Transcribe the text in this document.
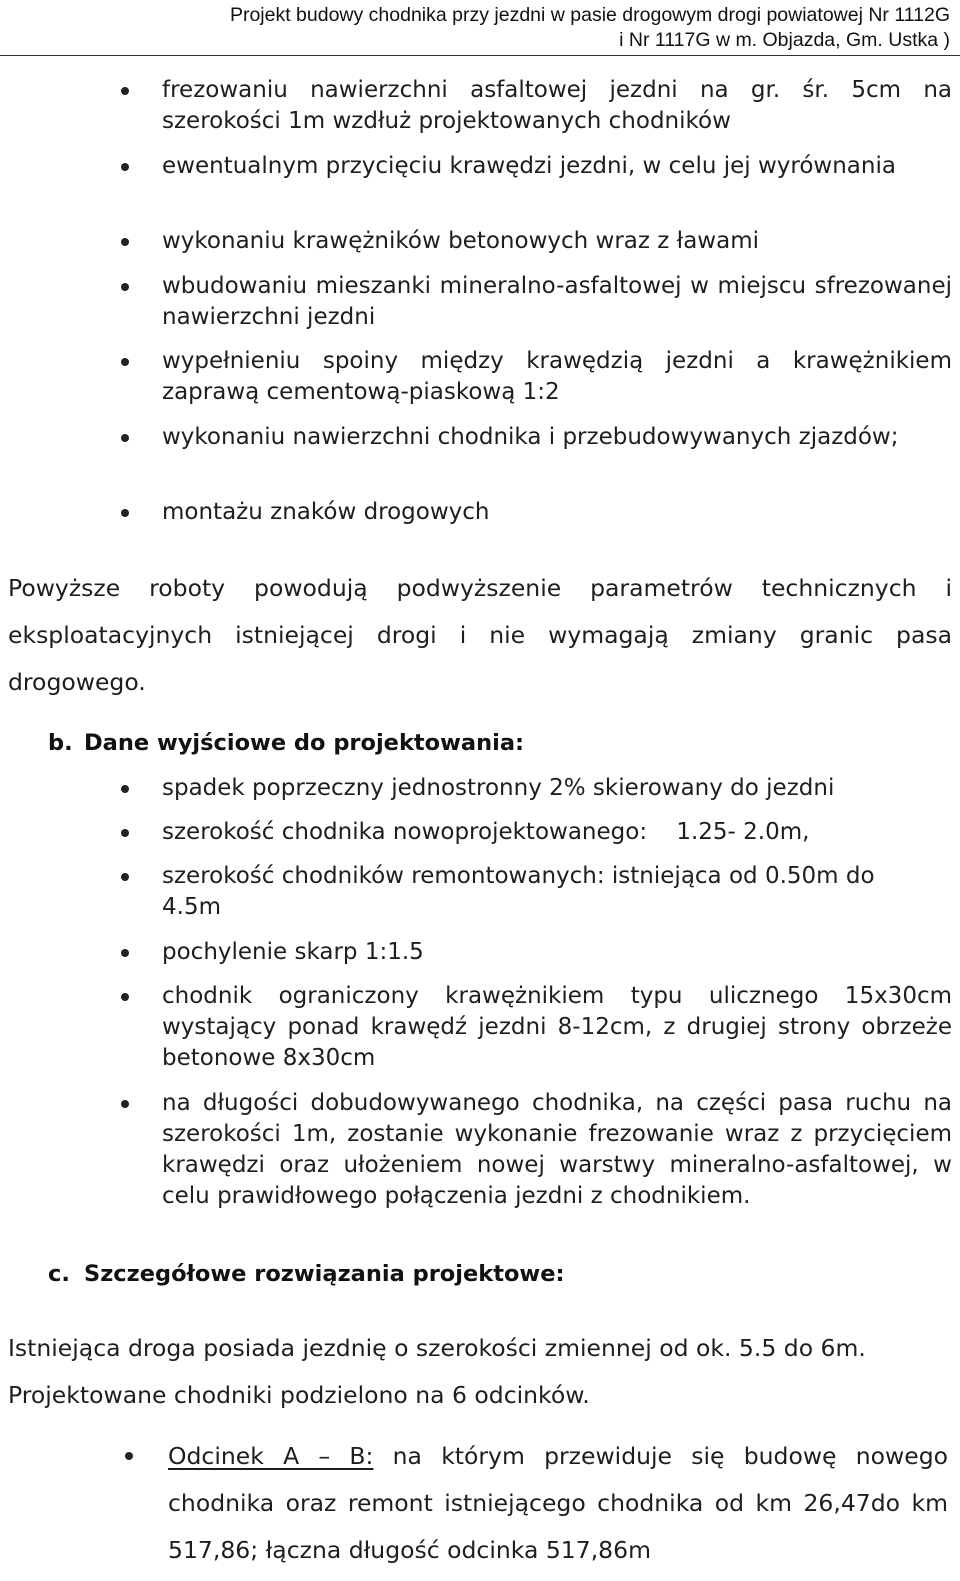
Projekt budowy chodnika przy jezdni w pasie drogowym drogi powiatowej Nr 1112G
i Nr 1117G w m. Objazda, Gm. Ustka )
frezowaniu nawierzchni asfaltowej jezdni na gr. śr. 5cm na szerokości 1m wzdłuż projektowanych chodników
ewentualnym przycięciu krawędzi jezdni, w celu jej wyrównania
wykonaniu krawężników betonowych wraz z ławami
wbudowaniu mieszanki mineralno-asfaltowej w miejscu sfrezowanej nawierzchni jezdni
wypełnieniu spoiny między krawędzią jezdni a krawężnikiem zaprawą cementową-piaskową 1:2
wykonaniu nawierzchni chodnika i przebudowywanych zjazdów;
montażu znaków drogowych
Powyższe roboty powodują podwyższenie parametrów technicznych i eksploatacyjnych istniejącej drogi i nie wymagają zmiany granic pasa drogowego.
b. Dane wyjściowe do projektowania:
spadek poprzeczny jednostronny 2% skierowany do jezdni
szerokość chodnika nowoprojektowanego:    1.25- 2.0m,
szerokość chodników remontowanych: istniejąca od 0.50m do 4.5m
pochylenie skarp 1:1.5
chodnik ograniczony krawężnikiem typu ulicznego 15x30cm wystający ponad krawędź jezdni 8-12cm, z drugiej strony obrzeże betonowe 8x30cm
na długości dobudowywanego chodnika, na części pasa ruchu na szerokości 1m, zostanie wykonanie frezowanie wraz z przycięciem krawędzi oraz ułożeniem nowej warstwy mineralno-asfaltowej, w celu prawidłowego połączenia jezdni z chodnikiem.
c. Szczegółowe rozwiązania projektowe:
Istniejąca droga posiada jezdnię o szerokości zmiennej od ok. 5.5 do 6m.
Projektowane chodniki podzielono na 6 odcinków.
Odcinek A – B: na którym przewiduje się budowę nowego chodnika oraz remont istniejącego chodnika od km 26,47do km 517,86; łączna długość odcinka 517,86m
